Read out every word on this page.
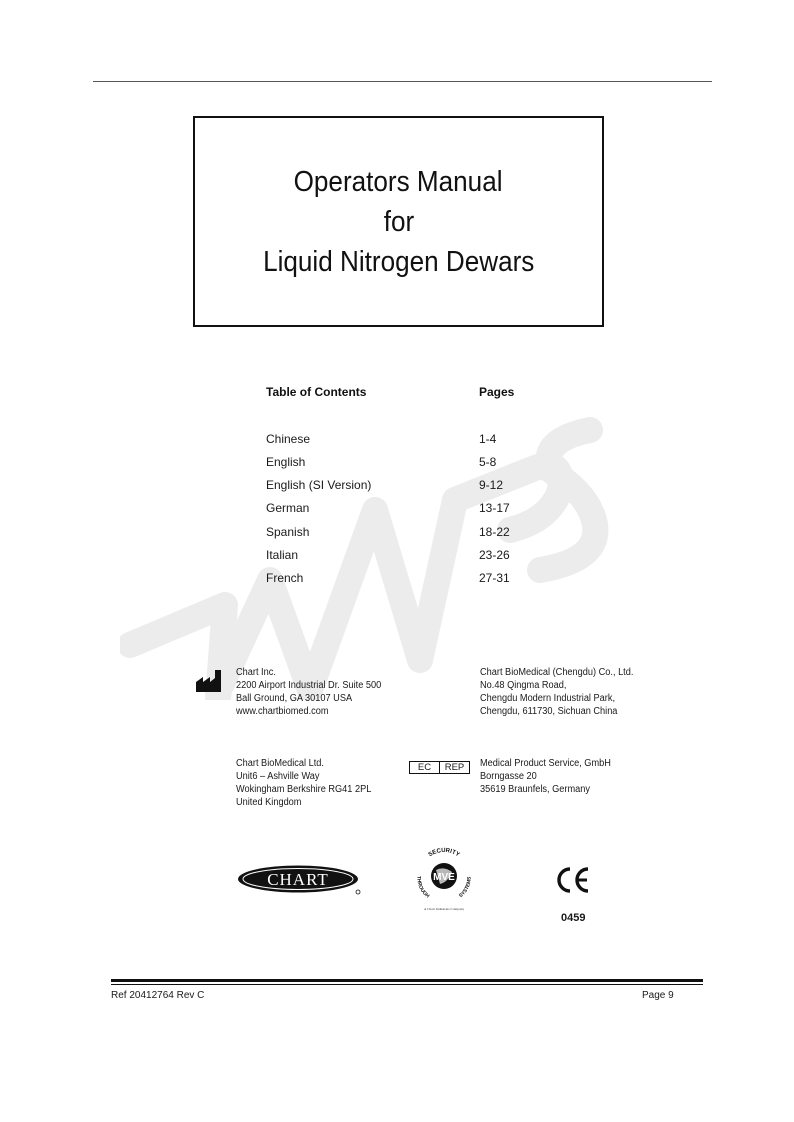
Operators Manual
for
Liquid Nitrogen Dewars
Table of Contents	Pages
Chinese	1-4
English	5-8
English (SI Version)	9-12
German	13-17
Spanish	18-22
Italian	23-26
French	27-31
Chart Inc.
2200 Airport Industrial Dr. Suite 500
Ball Ground, GA 30107 USA
www.chartbiomed.com
Chart BioMedical (Chengdu) Co., Ltd.
No.48 Qingma Road,
Chengdu Modern Industrial Park,
Chengdu, 611730, Sichuan China
Chart BioMedical Ltd.
Unit6 – Ashville Way
Wokingham Berkshire RG41 2PL
United Kingdom
EC	REP	Medical Product Service, GmbH
Borngasse 20
35619 Braunfels, Germany
CHART	MVE
SECURITY
THROUGH	SYSTEMS
A Chart Industries Company
0459
Ref 20412764 Rev C	Page 9
